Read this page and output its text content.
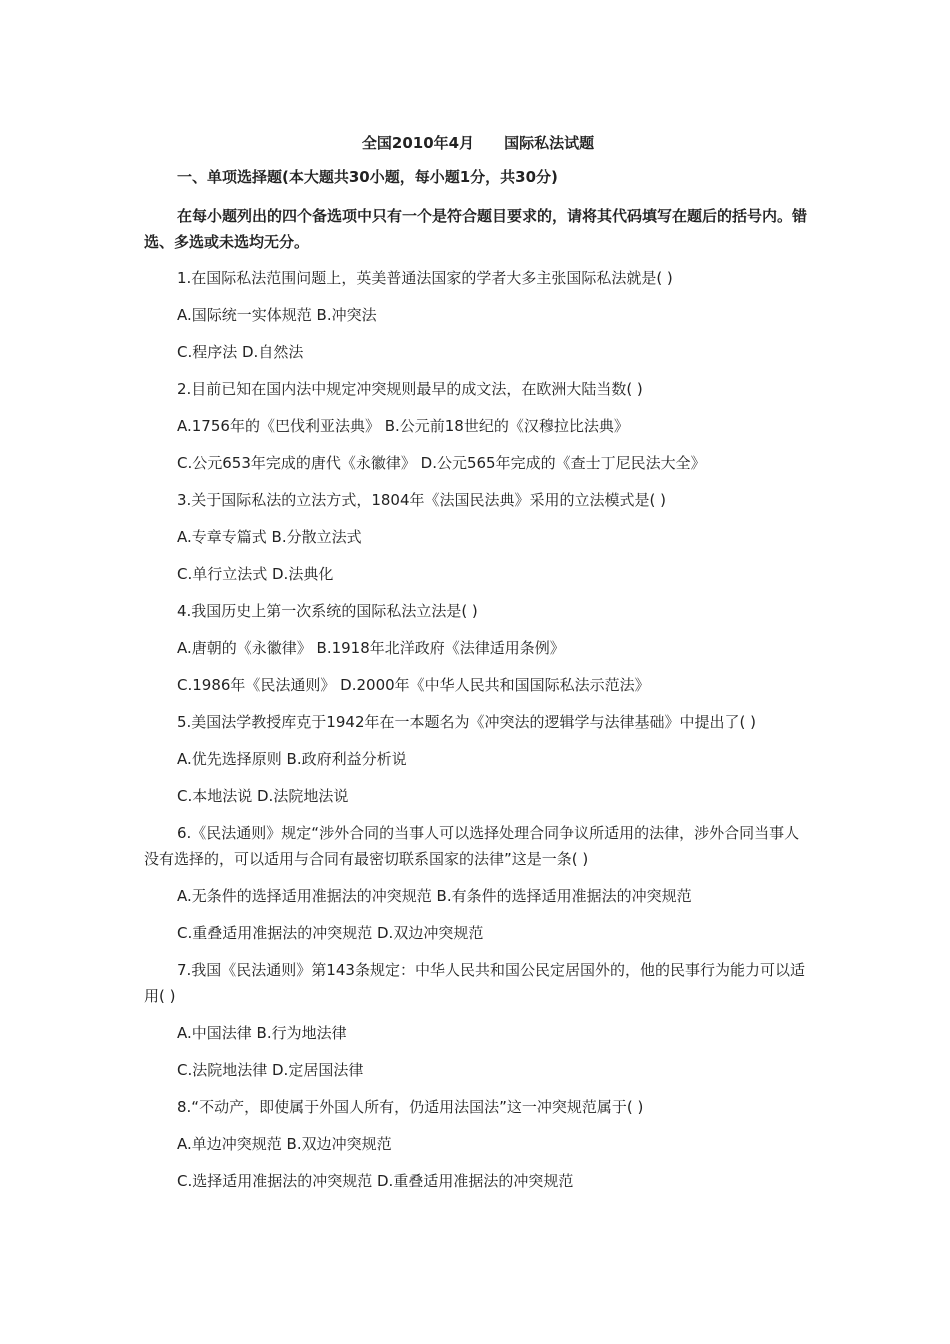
全国2010年4月　　国际私法试题
一、单项选择题(本大题共30小题，每小题1分，共30分)
在每小题列出的四个备选项中只有一个是符合题目要求的，请将其代码填写在题后的括号内。错选、多选或未选均无分。
1.在国际私法范围问题上，英美普通法国家的学者大多主张国际私法就是( )
A.国际统一实体规范 B.冲突法
C.程序法 D.自然法
2.目前已知在国内法中规定冲突规则最早的成文法，在欧洲大陆当数( )
A.1756年的《巴伐利亚法典》 B.公元前18世纪的《汉穆拉比法典》
C.公元653年完成的唐代《永徽律》 D.公元565年完成的《查士丁尼民法大全》
3.关于国际私法的立法方式，1804年《法国民法典》采用的立法模式是( )
A.专章专篇式 B.分散立法式
C.单行立法式 D.法典化
4.我国历史上第一次系统的国际私法立法是( )
A.唐朝的《永徽律》 B.1918年北洋政府《法律适用条例》
C.1986年《民法通则》 D.2000年《中华人民共和国国际私法示范法》
5.美国法学教授库克于1942年在一本题名为《冲突法的逻辑学与法律基础》中提出了( )
A.优先选择原则 B.政府利益分析说
C.本地法说 D.法院地法说
6.《民法通则》规定“涉外合同的当事人可以选择处理合同争议所适用的法律，涉外合同当事人没有选择的，可以适用与合同有最密切联系国家的法律”这是一条( )
A.无条件的选择适用准据法的冲突规范 B.有条件的选择适用准据法的冲突规范
C.重叠适用准据法的冲突规范 D.双边冲突规范
7.我国《民法通则》第143条规定：中华人民共和国公民定居国外的，他的民事行为能力可以适用( )
A.中国法律 B.行为地法律
C.法院地法律 D.定居国法律
8.“不动产，即使属于外国人所有，仍适用法国法”这一冲突规范属于( )
A.单边冲突规范 B.双边冲突规范
C.选择适用准据法的冲突规范 D.重叠适用准据法的冲突规范
